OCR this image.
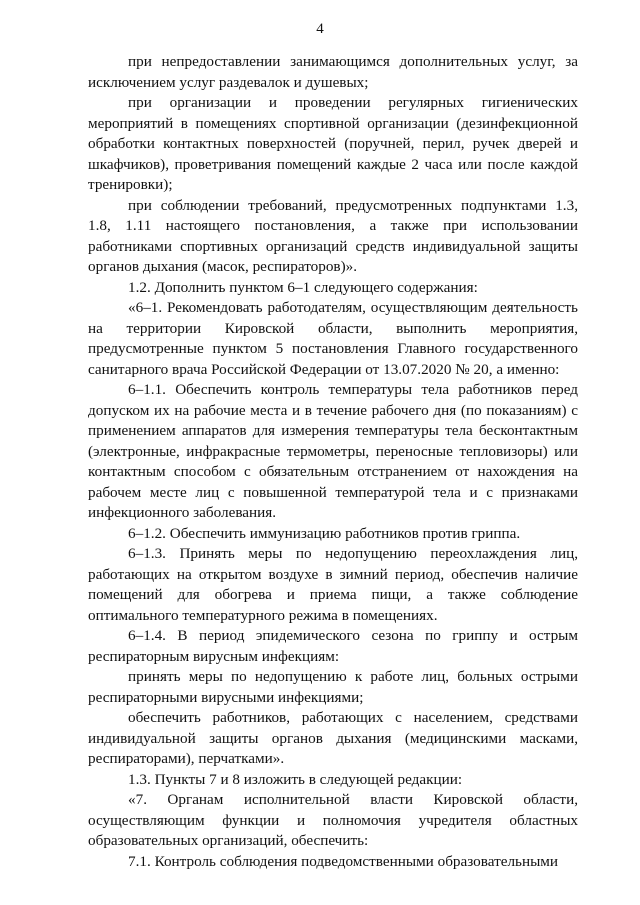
4

при непредоставлении занимающимся дополнительных услуг, за исключением услуг раздевалок и душевых;

при организации и проведении регулярных гигиенических мероприятий в помещениях спортивной организации (дезинфекционной обработки контактных поверхностей (поручней, перил, ручек дверей и шкафчиков), проветривания помещений каждые 2 часа или после каждой тренировки);

при соблюдении требований, предусмотренных подпунктами 1.3, 1.8, 1.11 настоящего постановления, а также при использовании работниками спортивных организаций средств индивидуальной защиты органов дыхания (масок, респираторов)».

1.2. Дополнить пунктом 6–1 следующего содержания:

«6–1. Рекомендовать работодателям, осуществляющим деятельность на территории Кировской области, выполнить мероприятия, предусмотренные пунктом 5 постановления Главного государственного санитарного врача Российской Федерации от 13.07.2020 № 20, а именно:

6–1.1. Обеспечить контроль температуры тела работников перед допуском их на рабочие места и в течение рабочего дня (по показаниям) с применением аппаратов для измерения температуры тела бесконтактным (электронные, инфракрасные термометры, переносные тепловизоры) или контактным способом с обязательным отстранением от нахождения на рабочем месте лиц с повышенной температурой тела и с признаками инфекционного заболевания.

6–1.2. Обеспечить иммунизацию работников против гриппа.

6–1.3. Принять меры по недопущению переохлаждения лиц, работающих на открытом воздухе в зимний период, обеспечив наличие помещений для обогрева и приема пищи, а также соблюдение оптимального температурного режима в помещениях.

6–1.4. В период эпидемического сезона по гриппу и острым респираторным вирусным инфекциям:

принять меры по недопущению к работе лиц, больных острыми респираторными вирусными инфекциями;

обеспечить работников, работающих с населением, средствами индивидуальной защиты органов дыхания (медицинскими масками, респираторами), перчатками».

1.3. Пункты 7 и 8 изложить в следующей редакции:

«7. Органам исполнительной власти Кировской области, осуществляющим функции и полномочия учредителя областных образовательных организаций, обеспечить:

7.1. Контроль соблюдения подведомственными образовательными
